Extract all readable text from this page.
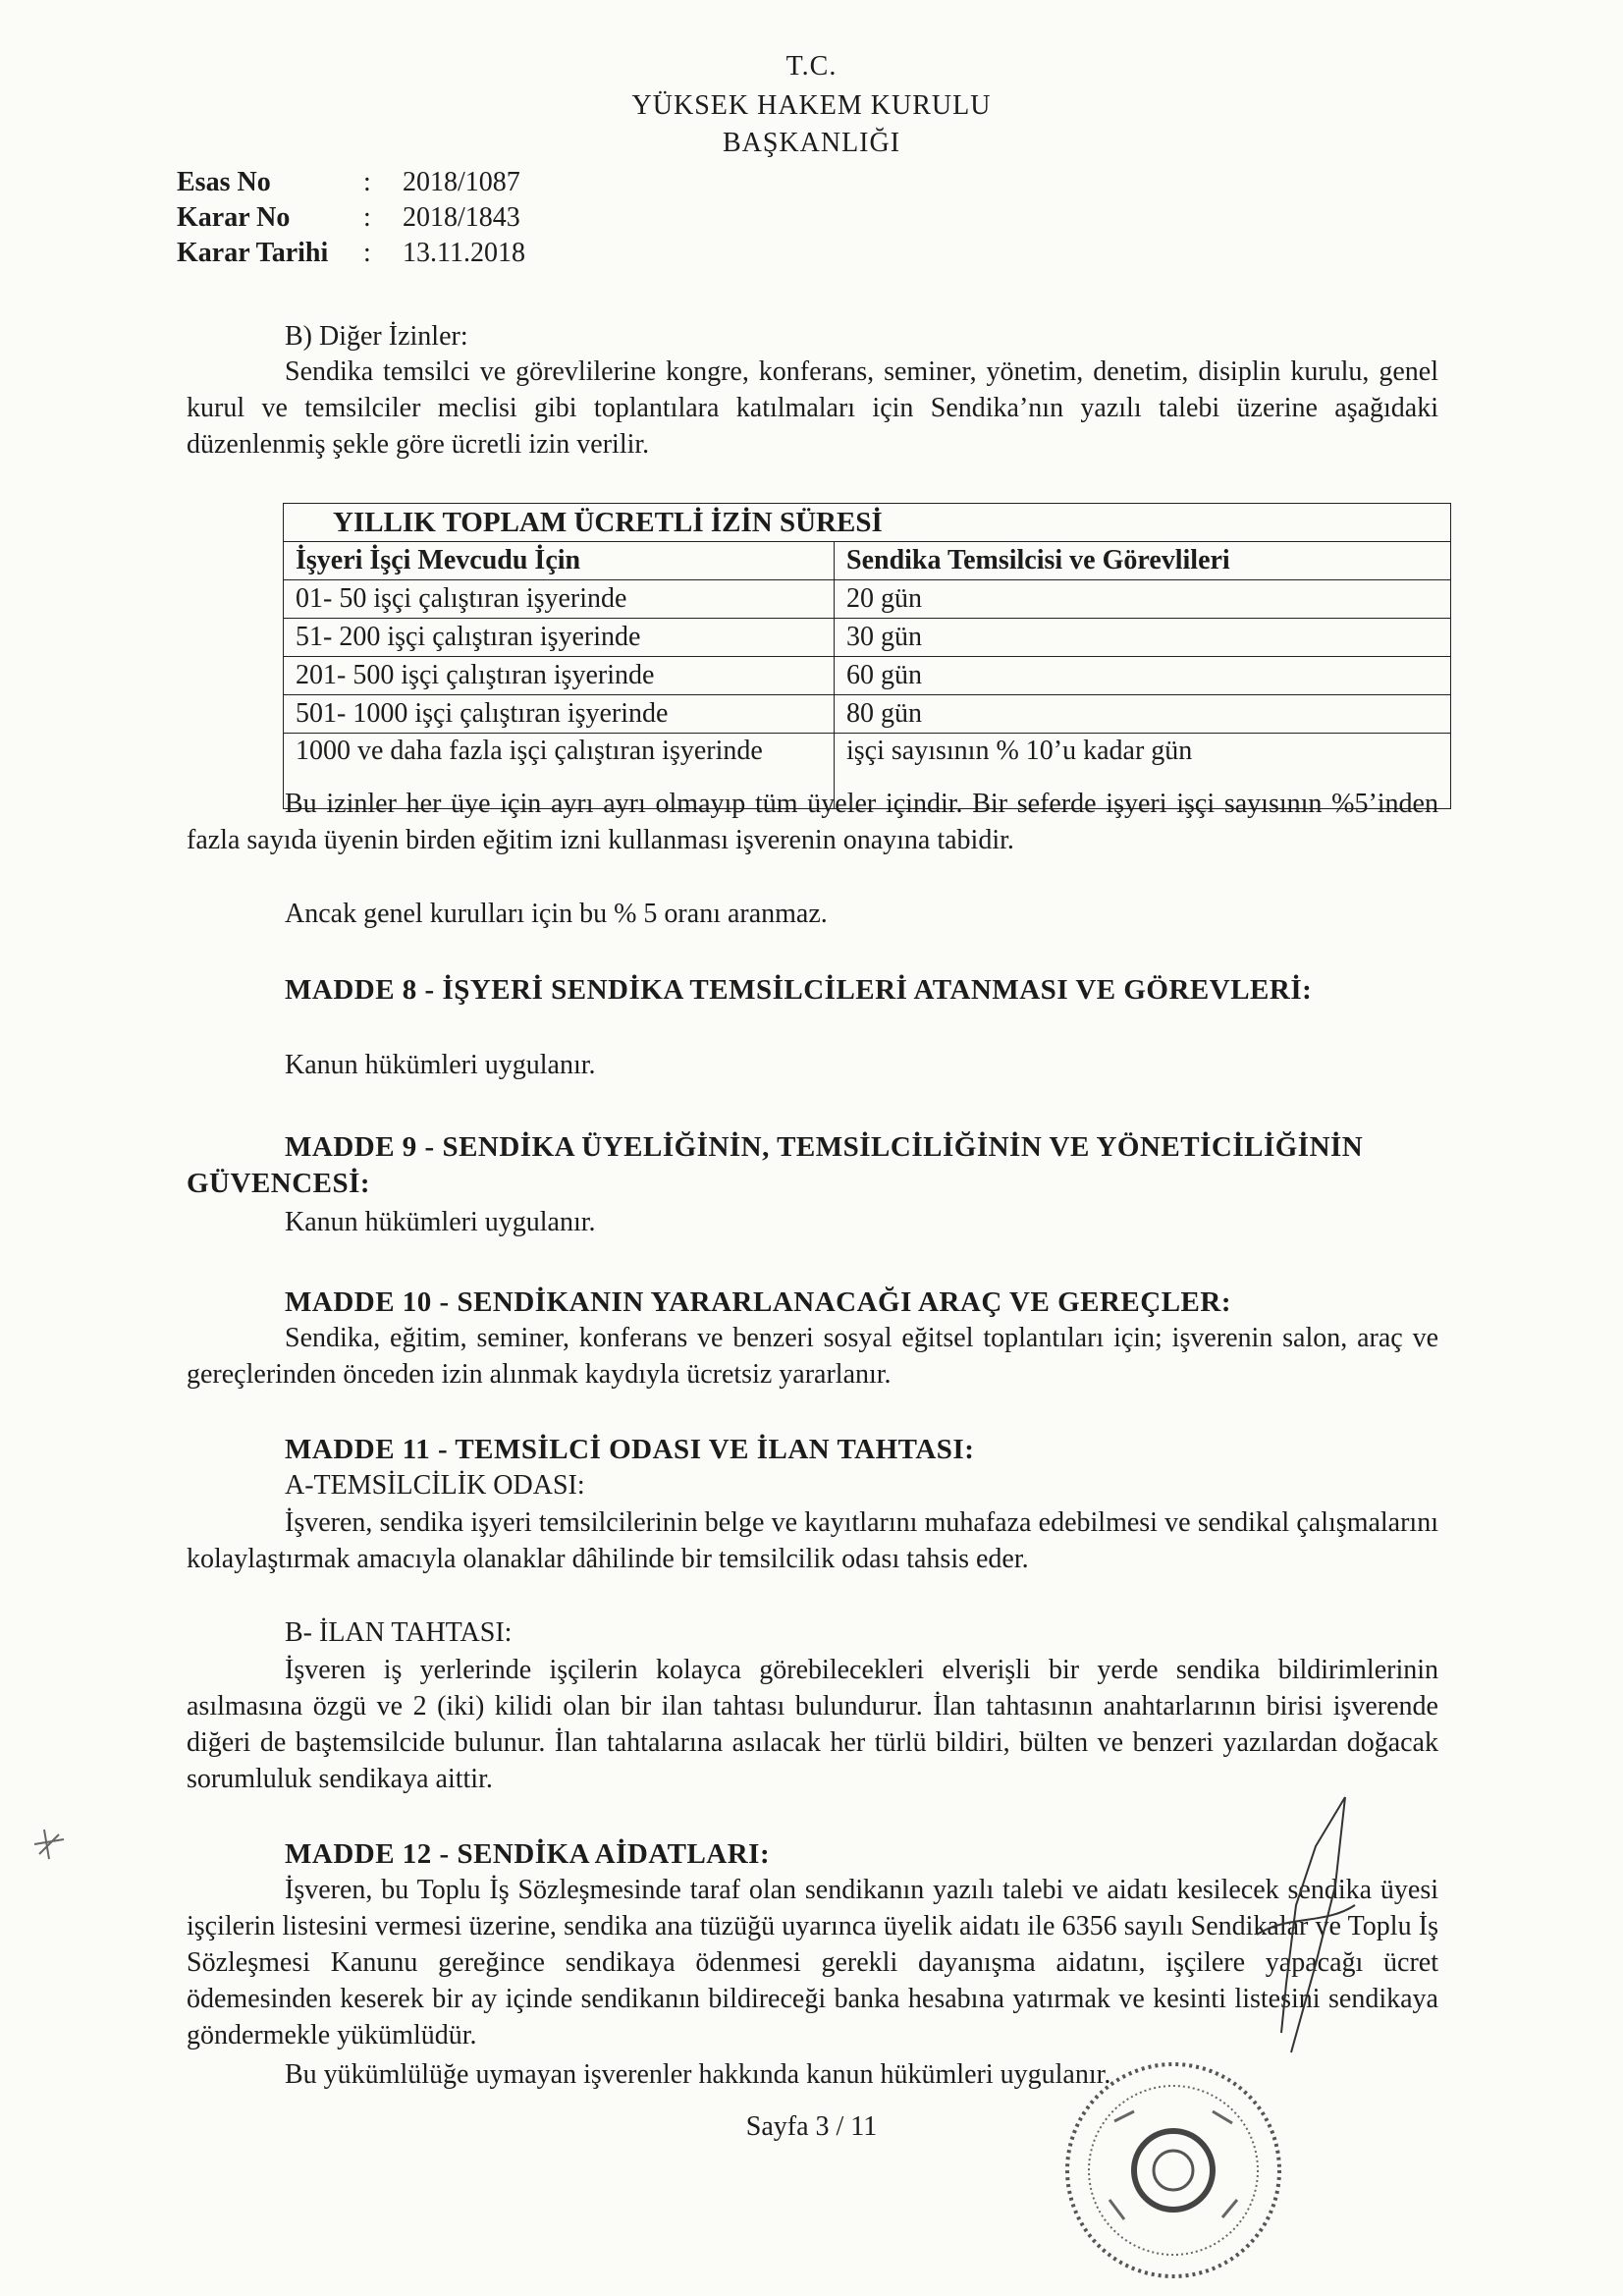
T.C.
YÜKSEK HAKEM KURULU
BAŞKANLIĞI
Esas No	:	2018/1087
Karar No	:	2018/1843
Karar Tarihi	:	13.11.2018
B) Diğer İzinler:
Sendika temsilci ve görevlilerine kongre, konferans, seminer, yönetim, denetim, disiplin kurulu, genel kurul ve temsilciler meclisi gibi toplantılara katılmaları için Sendika’nın yazılı talebi üzerine aşağıdaki düzenlenmiş şekle göre ücretli izin verilir.
YILLIK TOPLAM ÜCRETLİ İZİN SÜRESİ	
İşyeri İşçi Mevcudu İçin	Sendika Temsilcisi ve Görevlileri
01- 50 işçi çalıştıran işyerinde	20 gün
51- 200 işçi çalıştıran işyerinde	30 gün
201- 500 işçi çalıştıran işyerinde	60 gün
501- 1000 işçi çalıştıran işyerinde	80 gün
1000 ve daha fazla işçi çalıştıran işyerinde	işçi sayısının % 10’u kadar gün
Bu izinler her üye için ayrı ayrı olmayıp tüm üyeler içindir. Bir seferde işyeri işçi sayısının %5’inden fazla sayıda üyenin birden eğitim izni kullanması işverenin onayına tabidir.
Ancak genel kurulları için bu % 5 oranı aranmaz.
MADDE 8 - İŞYERİ SENDİKA TEMSİLCİLERİ ATANMASI VE GÖREVLERİ:
Kanun hükümleri uygulanır.
MADDE 9 - SENDİKA ÜYELİĞİNİN, TEMSİLCİLİĞİNİN VE YÖNETİCİLİĞİNİN GÜVENCESİ:
Kanun hükümleri uygulanır.
MADDE 10 - SENDİKANIN YARARLANACAĞI ARAÇ VE GEREÇLER:
Sendika, eğitim, seminer, konferans ve benzeri sosyal eğitsel toplantıları için; işverenin salon, araç ve gereçlerinden önceden izin alınmak kaydıyla ücretsiz yararlanır.
MADDE 11 - TEMSİLCİ ODASI VE İLAN TAHTASI:
A-TEMSİLCİLİK ODASI:
İşveren, sendika işyeri temsilcilerinin belge ve kayıtlarını muhafaza edebilmesi ve sendikal çalışmalarını kolaylaştırmak amacıyla olanaklar dâhilinde bir temsilcilik odası tahsis eder.
B- İLAN TAHTASI:
İşveren iş yerlerinde işçilerin kolayca görebilecekleri elverişli bir yerde sendika bildirimlerinin asılmasına özgü ve 2 (iki) kilidi olan bir ilan tahtası bulundurur. İlan tahtasının anahtarlarının birisi işverende diğeri de baştemsilcide bulunur. İlan tahtalarına asılacak her türlü bildiri, bülten ve benzeri yazılardan doğacak sorumluluk sendikaya aittir.
MADDE 12 - SENDİKA AİDATLARI:
İşveren, bu Toplu İş Sözleşmesinde taraf olan sendikanın yazılı talebi ve aidatı kesilecek sendika üyesi işçilerin listesini vermesi üzerine, sendika ana tüzüğü uyarınca üyelik aidatı ile 6356 sayılı Sendikalar ve Toplu İş Sözleşmesi Kanunu gereğince sendikaya ödenmesi gerekli dayanışma aidatını, işçilere yapacağı ücret ödemesinden keserek bir ay içinde sendikanın bildireceği banka hesabına yatırmak ve kesinti listesini sendikaya göndermekle yükümlüdür.
Bu yükümlülüğe uymayan işverenler hakkında kanun hükümleri uygulanır.
Sayfa 3 / 11
